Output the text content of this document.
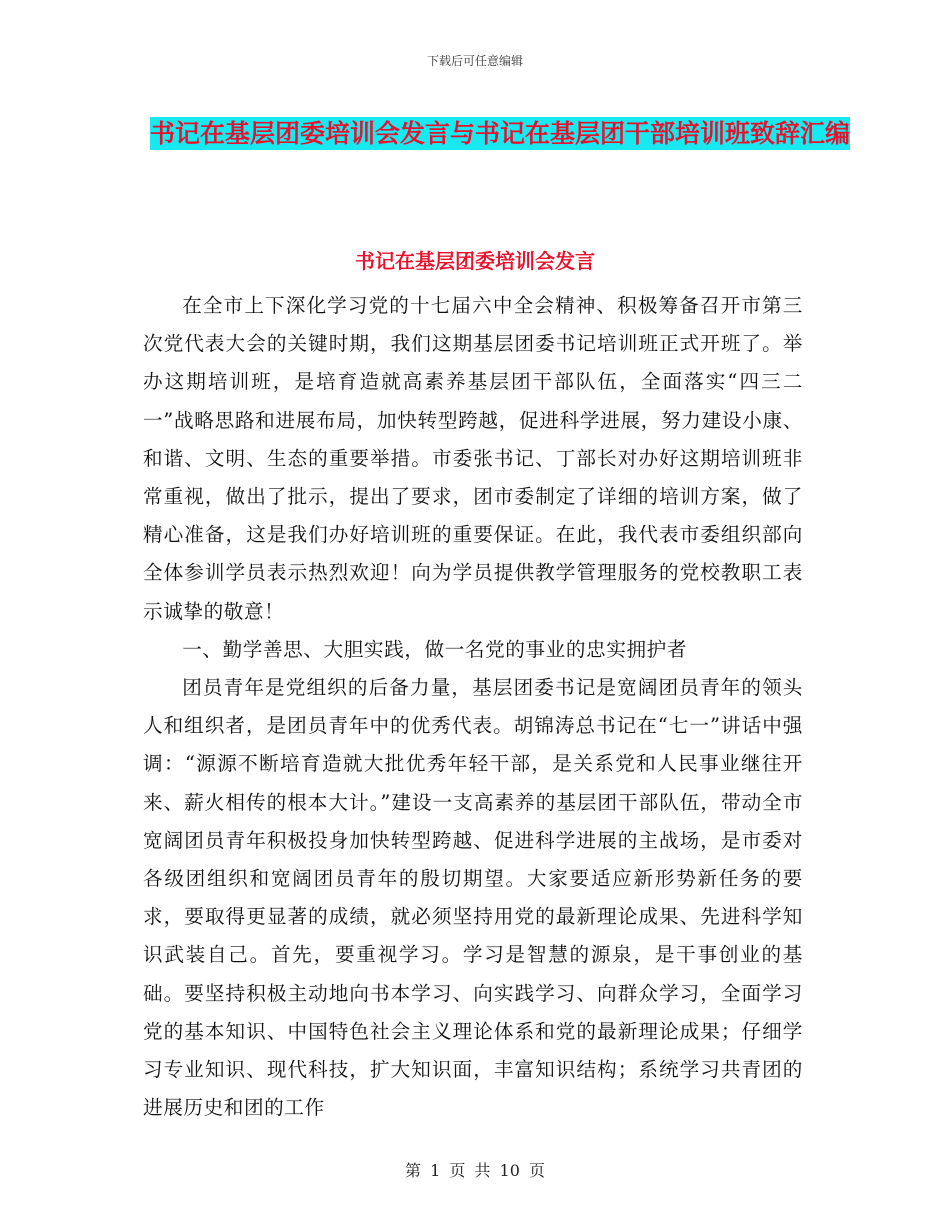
下载后可任意编辑
书记在基层团委培训会发言与书记在基层团干部培训班致辞汇编
书记在基层团委培训会发言

在全市上下深化学习党的十七届六中全会精神、积极筹备召开市第三次党代表大会的关键时期，我们这期基层团委书记培训班正式开班了。举办这期培训班，是培育造就高素养基层团干部队伍，全面落实“四三二一”战略思路和进展布局，加快转型跨越，促进科学进展，努力建设小康、和谐、文明、生态的重要举措。市委张书记、丁部长对办好这期培训班非常重视，做出了批示，提出了要求，团市委制定了详细的培训方案，做了精心准备，这是我们办好培训班的重要保证。在此，我代表市委组织部向全体参训学员表示热烈欢迎！向为学员提供教学管理服务的党校教职工表示诚挚的敬意！

一、勤学善思、大胆实践，做一名党的事业的忠实拥护者

团员青年是党组织的后备力量，基层团委书记是宽阔团员青年的领头人和组织者，是团员青年中的优秀代表。胡锦涛总书记在“七一”讲话中强调：“源源不断培育造就大批优秀年轻干部，是关系党和人民事业继往开来、薪火相传的根本大计。”建设一支高素养的基层团干部队伍，带动全市宽阔团员青年积极投身加快转型跨越、促进科学进展的主战场，是市委对各级团组织和宽阔团员青年的殷切期望。大家要适应新形势新任务的要求，要取得更显著的成绩，就必须坚持用党的最新理论成果、先进科学知识武装自己。首先，要重视学习。学习是智慧的源泉，是干事创业的基础。要坚持积极主动地向书本学习、向实践学习、向群众学习，全面学习党的基本知识、中国特色社会主义理论体系和党的最新理论成果；仔细学习专业知识、现代科技，扩大知识面，丰富知识结构；系统学习共青团的进展历史和团的工作

第 1 页 共 10 页
